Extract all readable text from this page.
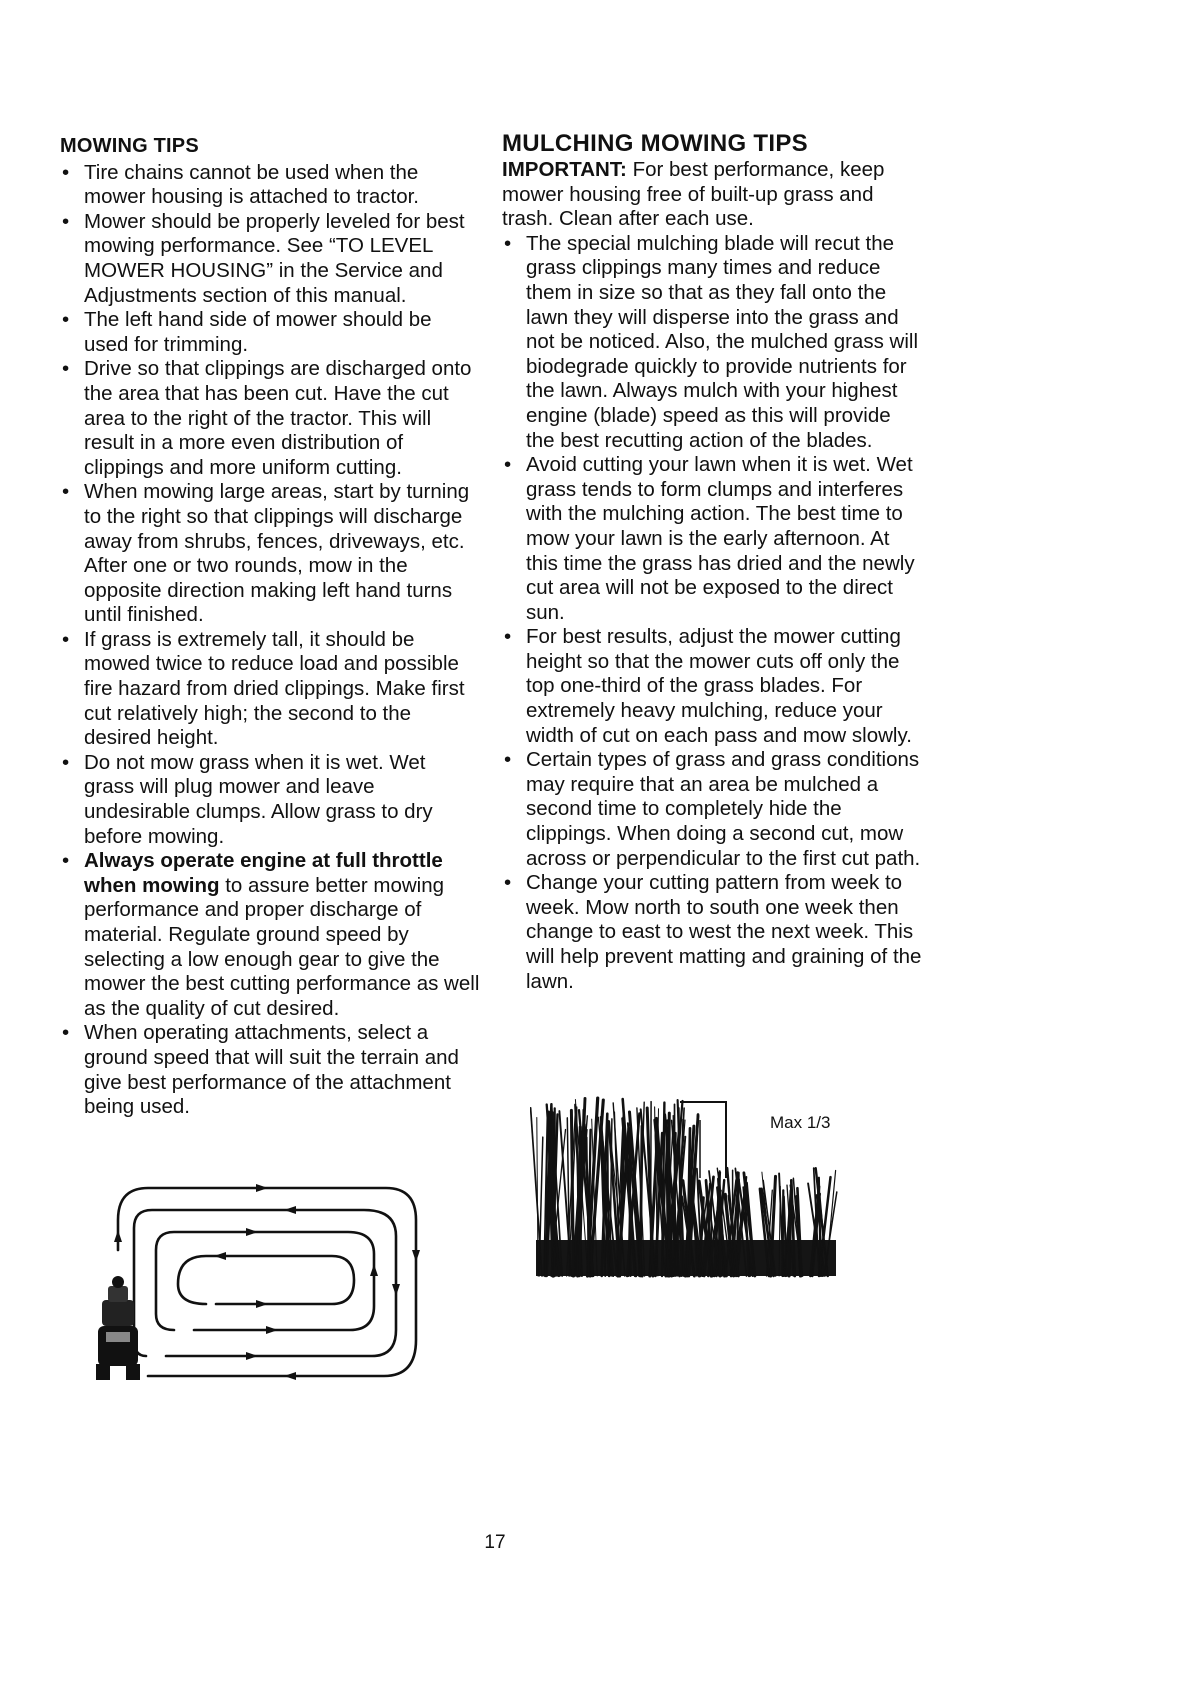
MOWING TIPS
• Tire chains cannot be used when the mower housing is attached to tractor.
• Mower should be properly leveled for best mowing performance. See “TO LEVEL MOWER HOUSING” in the Service and Adjustments section of this manual.
• The left hand side of mower should be used for trimming.
• Drive so that clippings are discharged onto the area that has been cut. Have the cut area to the right of the tractor. This will result in a more even distribution of clippings and more uniform cutting.
• When mowing large areas, start by turning to the right so that clippings will discharge away from shrubs, fences, driveways, etc. After one or two rounds, mow in the opposite direction making left hand turns until finished.
• If grass is extremely tall, it should be mowed twice to reduce load and possible fire hazard from dried clippings. Make first cut relatively high; the second to the desired height.
• Do not mow grass when it is wet. Wet grass will plug mower and leave undesirable clumps. Allow grass to dry before mowing.
• Always operate engine at full throttle when mowing to assure better mowing performance and proper discharge of material. Regulate ground speed by selecting a low enough gear to give the mower the best cutting performance as well as the quality of cut desired.
• When operating attachments, select a ground speed that will suit the terrain and give best performance of the attachment being used.
MULCHING MOWING TIPS

IMPORTANT: For best performance, keep mower housing free of built-up grass and trash. Clean after each use.

• The special mulching blade will recut the grass clippings many times and reduce them in size so that as they fall onto the lawn they will disperse into the grass and not be noticed. Also, the mulched grass will biodegrade quickly to provide nutrients for the lawn. Always mulch with your highest engine (blade) speed as this will provide the best recutting action of the blades.
• Avoid cutting your lawn when it is wet. Wet grass tends to form clumps and interferes with the mulching action. The best time to mow your lawn is the early afternoon. At this time the grass has dried and the newly cut area will not be exposed to the direct sun.
• For best results, adjust the mower cutting height so that the mower cuts off only the top one-third of the grass blades. For extremely heavy mulching, reduce your width of cut on each pass and mow slowly.
• Certain types of grass and grass conditions may require that an area be mulched a second time to completely hide the clippings. When doing a second cut, mow across or perpendicular to the first cut path.
• Change your cutting pattern from week to week. Mow north to south one week then change to east to west the next week. This will help prevent matting and graining of the lawn.
Max 1/3
17
